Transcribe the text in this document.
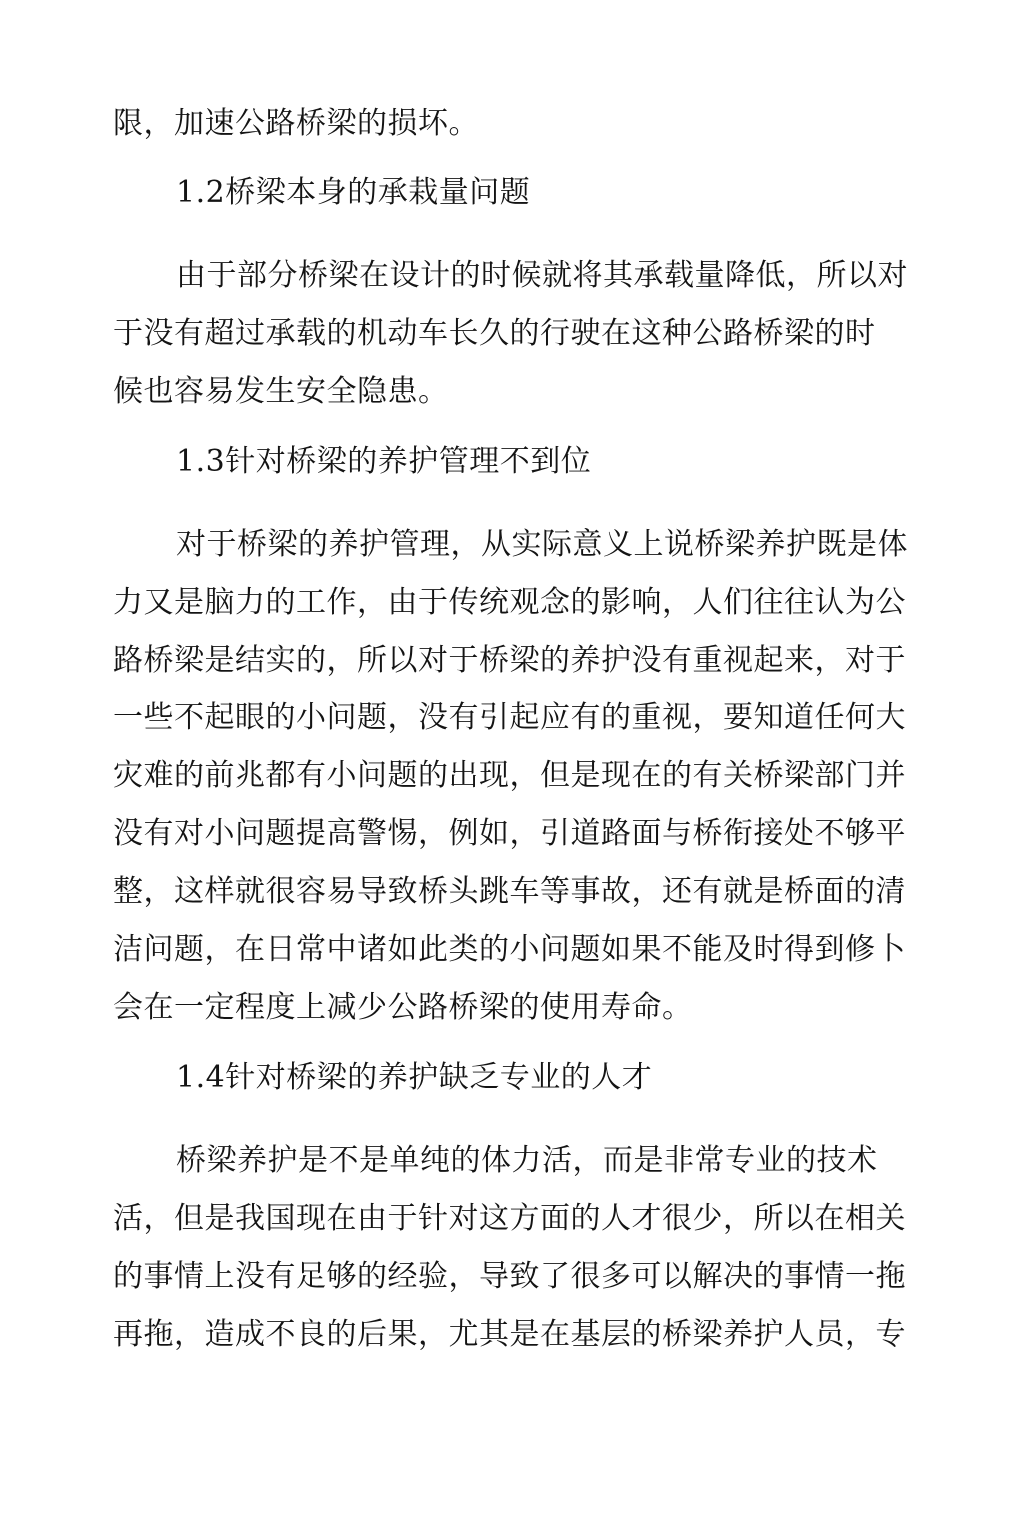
限，加速公路桥梁的损坏。
1.2桥梁本身的承栽量问题
由于部分桥梁在设计的时候就将其承载量降低，所以对
于没有超过承载的机动车长久的行驶在这种公路桥梁的时
候也容易发生安全隐患。
1.3针对桥梁的养护管理不到位
对于桥梁的养护管理，从实际意义上说桥梁养护既是体
力又是脑力的工作，由于传统观念的影响，人们往往认为公
路桥梁是结实的，所以对于桥梁的养护没有重视起来，对于
一些不起眼的小问题，没有引起应有的重视，要知道任何大
灾难的前兆都有小问题的出现，但是现在的有关桥梁部门并
没有对小问题提高警惕，例如，引道路面与桥衔接处不够平
整，这样就很容易导致桥头跳车等事故，还有就是桥面的清
洁问题，在日常中诸如此类的小问题如果不能及时得到修卜
会在一定程度上减少公路桥梁的使用寿命。
1.4针对桥梁的养护缺乏专业的人才
桥梁养护是不是单纯的体力活，而是非常专业的技术
活，但是我国现在由于针对这方面的人才很少，所以在相关
的事情上没有足够的经验，导致了很多可以解决的事情一拖
再拖，造成不良的后果，尤其是在基层的桥梁养护人员，专
